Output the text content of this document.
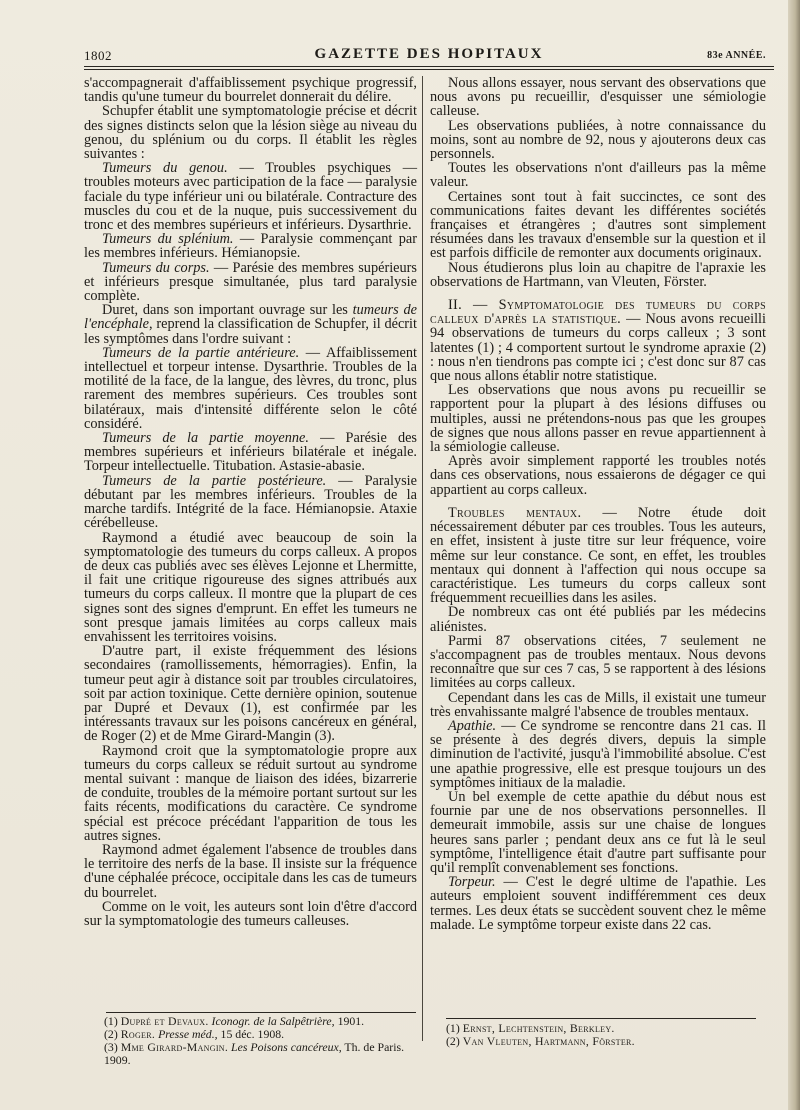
1802	GAZETTE DES HOPITAUX	83e ANNÉE.

s'accompagnerait d'affaiblissement psychique progressif, tandis qu'une tumeur du bourrelet donnerait du délire.

Schupfer établit une symptomatologie précise et décrit des signes distincts selon que la lésion siège au niveau du genou, du splénium ou du corps. Il établit les règles suivantes :

Tumeurs du genou. — Troubles psychiques — troubles moteurs avec participation de la face — paralysie faciale du type inférieur uni ou bilatérale. Contracture des muscles du cou et de la nuque, puis successivement du tronc et des membres supérieurs et inférieurs. Dysarthrie.

Tumeurs du splénium. — Paralysie commençant par les membres inférieurs. Hémianopsie.

Tumeurs du corps. — Parésie des membres supérieurs et inférieurs presque simultanée, plus tard paralysie complète.

Duret, dans son important ouvrage sur les tumeurs de l'encéphale, reprend la classification de Schupfer, il décrit les symptômes dans l'ordre suivant :

Tumeurs de la partie antérieure. — Affaiblissement intellectuel et torpeur intense. Dysarthrie. Troubles de la motilité de la face, de la langue, des lèvres, du tronc, plus rarement des membres supérieurs. Ces troubles sont bilatéraux, mais d'intensité différente selon le côté considéré.

Tumeurs de la partie moyenne. — Parésie des membres supérieurs et inférieurs bilatérale et inégale. Torpeur intellectuelle. Titubation. Astasie-abasie.

Tumeurs de la partie postérieure. — Paralysie débutant par les membres inférieurs. Troubles de la marche tardifs. Intégrité de la face. Hémianopsie. Ataxie cérébelleuse.

Raymond a étudié avec beaucoup de soin la symptomatologie des tumeurs du corps calleux. A propos de deux cas publiés avec ses élèves Lejonne et Lhermitte, il fait une critique rigoureuse des signes attribués aux tumeurs du corps calleux. Il montre que la plupart de ces signes sont des signes d'emprunt. En effet les tumeurs ne sont presque jamais limitées au corps calleux mais envahissent les territoires voisins.

D'autre part, il existe fréquemment des lésions secondaires (ramollissements, hémorragies). Enfin, la tumeur peut agir à distance soit par troubles circulatoires, soit par action toxinique. Cette dernière opinion, soutenue par Dupré et Devaux (1), est confirmée par les intéressants travaux sur les poisons cancéreux en général, de Roger (2) et de Mme Girard-Mangin (3).

Raymond croit que la symptomatologie propre aux tumeurs du corps calleux se réduit surtout au syndrome mental suivant : manque de liaison des idées, bizarrerie de conduite, troubles de la mémoire portant surtout sur les faits récents, modifications du caractère. Ce syndrome spécial est précoce précédant l'apparition de tous les autres signes.

Raymond admet également l'absence de troubles dans le territoire des nerfs de la base. Il insiste sur la fréquence d'une céphalée précoce, occipitale dans les cas de tumeurs du bourrelet.

Comme on le voit, les auteurs sont loin d'être d'accord sur la symptomatologie des tumeurs calleuses.

Nous allons essayer, nous servant des observations que nous avons pu recueillir, d'esquisser une sémiologie calleuse.

Les observations publiées, à notre connaissance du moins, sont au nombre de 92, nous y ajouterons deux cas personnels.

Toutes les observations n'ont d'ailleurs pas la même valeur.

Certaines sont tout à fait succinctes, ce sont des communications faites devant les différentes sociétés françaises et étrangères ; d'autres sont simplement résumées dans les travaux d'ensemble sur la question et il est parfois difficile de remonter aux documents originaux.

Nous étudierons plus loin au chapitre de l'apraxie les observations de Hartmann, van Vleuten, Förster.

II. — Symptomatologie des tumeurs du corps calleux d'après la statistique. — Nous avons recueilli 94 observations de tumeurs du corps calleux ; 3 sont latentes (1) ; 4 comportent surtout le syndrome apraxie (2) : nous n'en tiendrons pas compte ici ; c'est donc sur 87 cas que nous allons établir notre statistique.

Les observations que nous avons pu recueillir se rapportent pour la plupart à des lésions diffuses ou multiples, aussi ne prétendons-nous pas que les groupes de signes que nous allons passer en revue appartiennent à la sémiologie calleuse.

Après avoir simplement rapporté les troubles notés dans ces observations, nous essaierons de dégager ce qui appartient au corps calleux.

Troubles mentaux. — Notre étude doit nécessairement débuter par ces troubles. Tous les auteurs, en effet, insistent à juste titre sur leur fréquence, voire même sur leur constance. Ce sont, en effet, les troubles mentaux qui donnent à l'affection qui nous occupe sa caractéristique. Les tumeurs du corps calleux sont fréquemment recueillies dans les asiles.

De nombreux cas ont été publiés par les médecins aliénistes.

Parmi 87 observations citées, 7 seulement ne s'accompagnent pas de troubles mentaux. Nous devons reconnaître que sur ces 7 cas, 5 se rapportent à des lésions limitées au corps calleux.

Cependant dans les cas de Mills, il existait une tumeur très envahissante malgré l'absence de troubles mentaux.

Apathie. — Ce syndrome se rencontre dans 21 cas. Il se présente à des degrés divers, depuis la simple diminution de l'activité, jusqu'à l'immobilité absolue. C'est une apathie progressive, elle est presque toujours un des symptômes initiaux de la maladie.

Un bel exemple de cette apathie du début nous est fournie par une de nos observations personnelles. Il demeurait immobile, assis sur une chaise de longues heures sans parler ; pendant deux ans ce fut là le seul symptôme, l'intelligence était d'autre part suffisante pour qu'il remplît convenablement ses fonctions.

Torpeur. — C'est le degré ultime de l'apathie. Les auteurs emploient souvent indifféremment ces deux termes. Les deux états se succèdent souvent chez le même malade. Le symptôme torpeur existe dans 22 cas.

(1) Dupré et Devaux. Iconogr. de la Salpêtrière, 1901.

(2) Roger. Presse méd., 15 déc. 1908.

(3) Mme Girard-Mangin. Les Poisons cancéreux, Th. de Paris. 1909.

(1) Ernst, Lechtenstein, Berkley.

(2) Van Vleuten, Hartmann, Förster.
